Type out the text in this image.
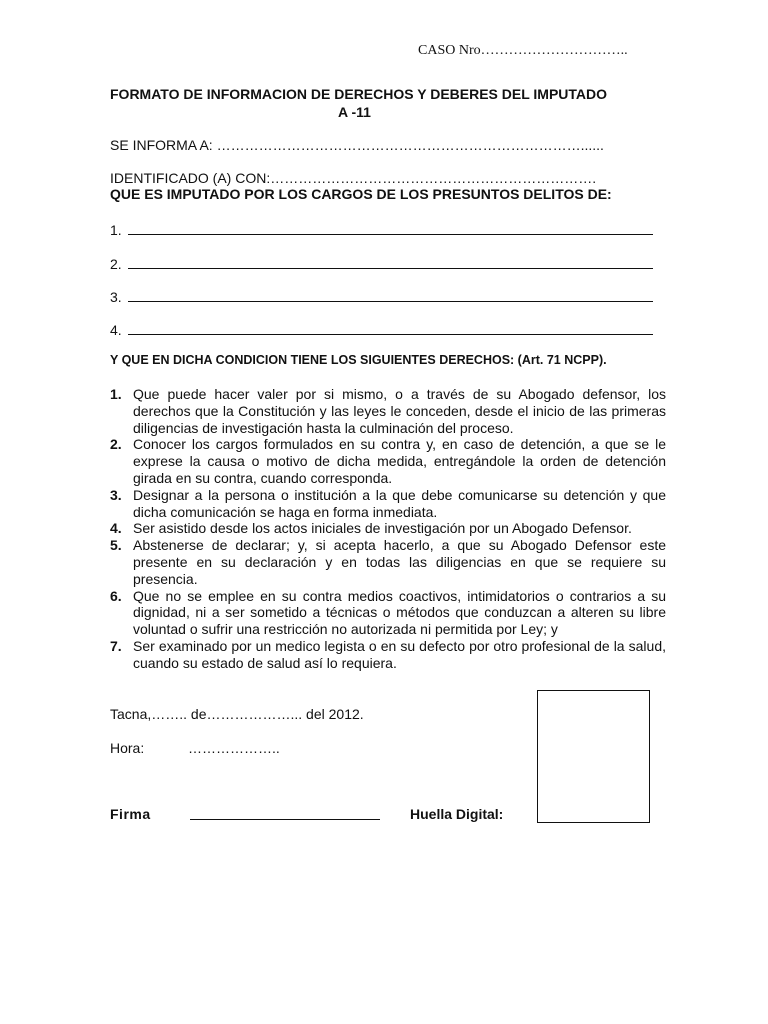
CASO Nro…………………………..
FORMATO DE INFORMACION DE DERECHOS Y DEBERES DEL IMPUTADO
A -11
SE INFORMA A: ……………………………………………………………………......
IDENTIFICADO (A) CON:…………………………………………………………….
QUE ES IMPUTADO POR LOS CARGOS DE LOS PRESUNTOS DELITOS DE:
1.
2.
3.
4.
Y QUE EN DICHA CONDICION TIENE LOS SIGUIENTES DERECHOS: (Art. 71 NCPP).
1. Que puede hacer valer por si mismo, o a través de su Abogado defensor, los derechos que la Constitución y las leyes le conceden, desde el inicio de las primeras diligencias de investigación hasta la culminación del proceso.
2. Conocer los cargos formulados en su contra y, en caso de detención, a que se le exprese la causa o motivo de dicha medida, entregándole la orden de detención girada en su contra, cuando corresponda.
3. Designar a la persona o institución a la que debe comunicarse su detención y que dicha comunicación se haga en forma inmediata.
4. Ser asistido desde los actos iniciales de investigación por un Abogado Defensor.
5. Abstenerse de declarar; y, si acepta hacerlo, a que su Abogado Defensor este presente en su declaración y en todas las diligencias en que se requiere su presencia.
6. Que no se emplee en su contra medios coactivos, intimidatorios o contrarios a su dignidad, ni a ser sometido a técnicas o métodos que conduzcan a alteren su libre voluntad o sufrir una restricción no autorizada ni permitida por Ley; y
7. Ser examinado por un medico legista o en su defecto por otro profesional de la salud, cuando su estado de salud así lo requiera.
Tacna,…….. de………………... del 2012.
Hora:	………………..
Firma	Huella Digital:
